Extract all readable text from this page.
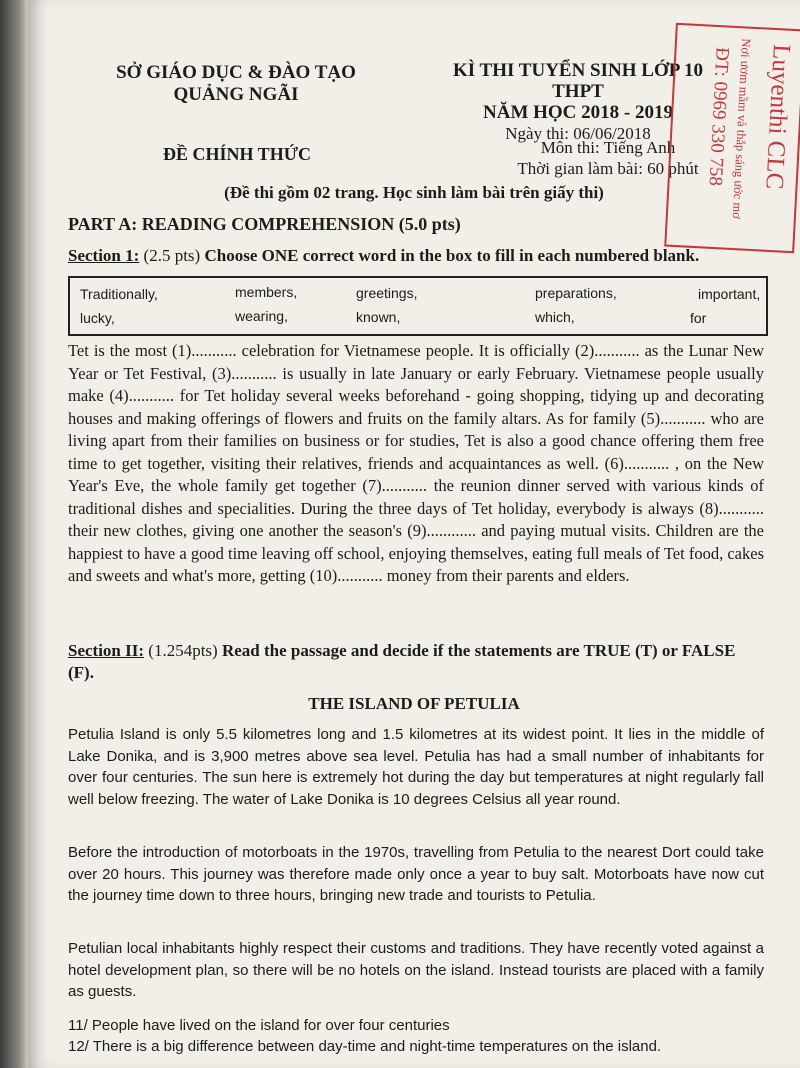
SỞ GIÁO DỤC & ĐÀO TẠO
QUẢNG NGÃI
KÌ THI TUYỂN SINH LỚP 10 THPT
NĂM HỌC 2018 - 2019
Ngày thi: 06/06/2018
ĐỀ CHÍNH THỨC	Môn thi: Tiếng Anh
Thời gian làm bài: 60 phút
(Đề thi gồm 02 trang. Học sinh làm bài trên giấy thi)
PART A: READING COMPREHENSION (5.0 pts)
Section 1: (2.5 pts) Choose ONE correct word in the box to fill in each numbered blank.
Traditionally,	members,	greetings,	preparations,	important,
lucky,	wearing,	known,	which,	for

Tet is the most (1)........... celebration for Vietnamese people. It is officially (2)........... as the Lunar New Year or Tet Festival, (3)........... is usually in late January or early February. Vietnamese people usually make (4)........... for Tet holiday several weeks beforehand - going shopping, tidying up and decorating houses and making offerings of flowers and fruits on the family altars. As for family (5)........... who are living apart from their families on business or for studies, Tet is also a good chance offering them free time to get together, visiting their relatives, friends and acquaintances as well. (6)........... , on the New Year's Eve, the whole family get together (7)........... the reunion dinner served with various kinds of traditional dishes and specialities. During the three days of Tet holiday, everybody is always (8)........... their new clothes, giving one another the season's (9)............ and paying mutual visits. Children are the happiest to have a good time leaving off school, enjoying themselves, eating full meals of Tet food, cakes and sweets and what's more, getting (10)........... money from their parents and elders.

Section II: (1.254pts) Read the passage and decide if the statements are TRUE (T) or FALSE (F).
THE ISLAND OF PETULIA

Petulia Island is only 5.5 kilometres long and 1.5 kilometres at its widest point. It lies in the middle of Lake Donika, and is 3,900 metres above sea level. Petulia has had a small number of inhabitants for over four centuries. The sun here is extremely hot during the day but temperatures at night regularly fall well below freezing. The water of Lake Donika is 10 degrees Celsius all year round.

Before the introduction of motorboats in the 1970s, travelling from Petulia to the nearest Dort could take over 20 hours. This journey was therefore made only once a year to buy salt. Motorboats have now cut the journey time down to three hours, bringing new trade and tourists to Petulia.

Petulian local inhabitants highly respect their customs and traditions. They have recently voted against a hotel development plan, so there will be no hotels on the island. Instead tourists are placed with a family as guests.

11/ People have lived on the island for over four centuries

12/ There is a big difference between day-time and night-time temperatures on the island.

Luyenthi CLC
Nơi ươm mầm và thắp sáng ước mơ
ĐT: 0969 330 758
